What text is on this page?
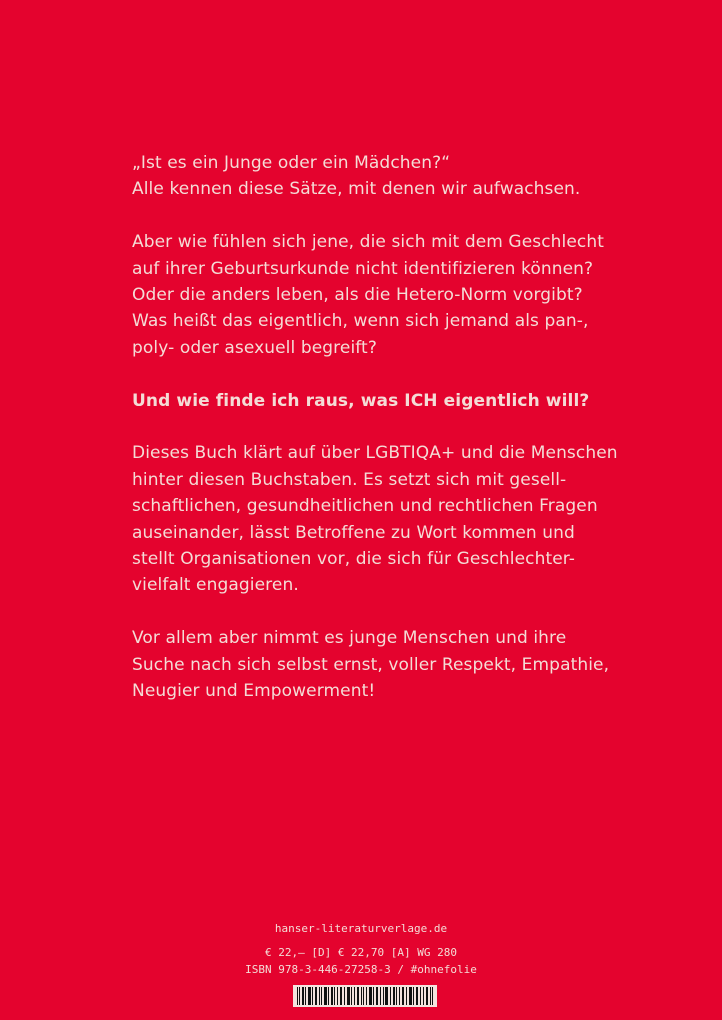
„Ist es ein Junge oder ein Mädchen?“
Alle kennen diese Sätze, mit denen wir aufwachsen.

Aber wie fühlen sich jene, die sich mit dem Geschlecht
auf ihrer Geburtsurkunde nicht identifizieren können?
Oder die anders leben, als die Hetero-Norm vorgibt?
Was heißt das eigentlich, wenn sich jemand als pan-,
poly- oder asexuell begreift?

Und wie finde ich raus, was ICH eigentlich will?

Dieses Buch klärt auf über LGBTIQA+ und die Menschen
hinter diesen Buchstaben. Es setzt sich mit gesell-
schaftlichen, gesundheitlichen und rechtlichen Fragen
auseinander, lässt Betroffene zu Wort kommen und
stellt Organisationen vor, die sich für Geschlechter-
vielfalt engagieren.

Vor allem aber nimmt es junge Menschen und ihre
Suche nach sich selbst ernst, voller Respekt, Empathie,
Neugier und Empowerment!

hanser-literaturverlage.de
€ 22,– [D] € 22,70 [A] WG 280
ISBN 978-3-446-27258-3 / #ohnefolie
